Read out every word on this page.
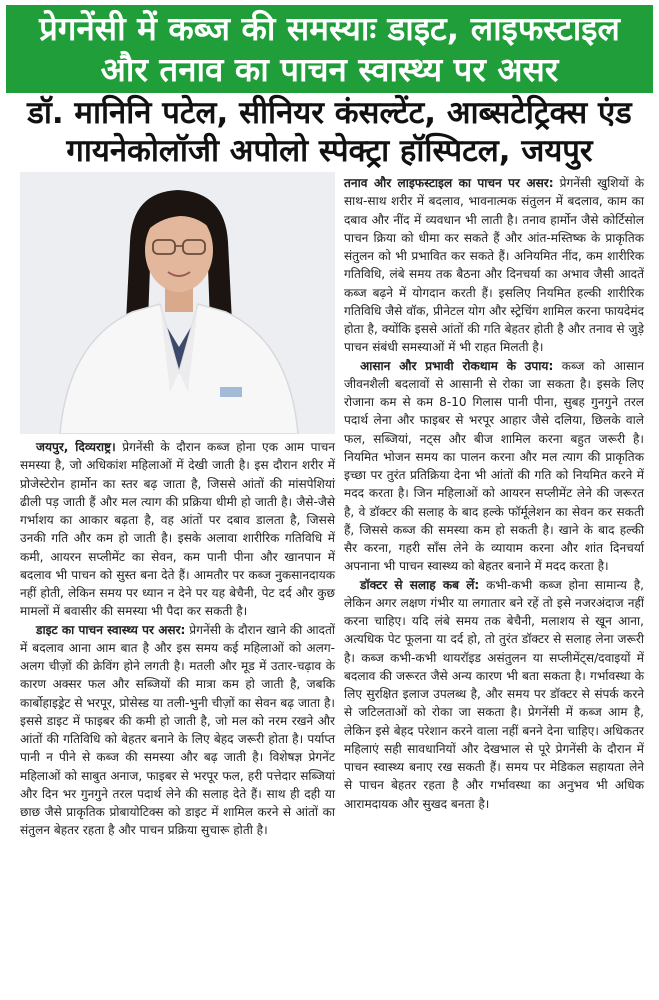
प्रेगनेंसी में कब्ज की समस्याः डाइट, लाइफस्टाइल
और तनाव का पाचन स्वास्थ्य पर असर
डॉ. मानिनि पटेल, सीनियर कंसल्टेंट, आब्सटेट्रिक्स एंड
गायनेकोलॉजी अपोलो स्पेक्ट्रा हॉस्पिटल, जयपुर

जयपुर, दिव्यराष्ट्र। प्रेगनेंसी के दौरान कब्ज होना एक आम पाचन समस्या है, जो अधिकांश महिलाओं में देखी जाती है। इस दौरान शरीर में प्रोजेस्टेरोन हार्मोन का स्तर बढ़ जाता है, जिससे आंतों की मांसपेशियां ढीली पड़ जाती हैं और मल त्याग की प्रक्रिया धीमी हो जाती है। जैसे-जैसे गर्भाशय का आकार बढ़ता है, वह आंतों पर दबाव डालता है, जिससे उनकी गति और कम हो जाती है। इसके अलावा शारीरिक गतिविधि में कमी, आयरन सप्लीमेंट का सेवन, कम पानी पीना और खानपान में बदलाव भी पाचन को सुस्त बना देते हैं। आमतौर पर कब्ज नुकसानदायक नहीं होती, लेकिन समय पर ध्यान न देने पर यह बेचैनी, पेट दर्द और कुछ मामलों में बवासीर की समस्या भी पैदा कर सकती है।

डाइट का पाचन स्वास्थ्य पर असर: प्रेगनेंसी के दौरान खाने की आदतों में बदलाव आना आम बात है और इस समय कई महिलाओं को अलग-अलग चीज़ों की क्रेविंग होने लगती है। मतली और मूड में उतार-चढ़ाव के कारण अक्सर फल और सब्जियों की मात्रा कम हो जाती है, जबकि कार्बोहाइड्रेट से भरपूर, प्रोसेस्ड या तली-भुनी चीज़ों का सेवन बढ़ जाता है। इससे डाइट में फाइबर की कमी हो जाती है, जो मल को नरम रखने और आंतों की गतिविधि को बेहतर बनाने के लिए बेहद जरूरी होता है। पर्याप्त पानी न पीने से कब्ज की समस्या और बढ़ जाती है। विशेषज्ञ प्रेगनेंट महिलाओं को साबुत अनाज, फाइबर से भरपूर फल, हरी पत्तेदार सब्जियां और दिन भर गुनगुने तरल पदार्थ लेने की सलाह देते हैं। साथ ही दही या छाछ जैसे प्राकृतिक प्रोबायोटिक्स को डाइट में शामिल करने से आंतों का संतुलन बेहतर रहता है और पाचन प्रक्रिया सुचारू होती है।

तनाव और लाइफस्टाइल का पाचन पर असर: प्रेगनेंसी खुशियों के साथ-साथ शरीर में बदलाव, भावनात्मक संतुलन में बदलाव, काम का दबाव और नींद में व्यवधान भी लाती है। तनाव हार्मोन जैसे कोर्टिसोल पाचन क्रिया को धीमा कर सकते हैं और आंत-मस्तिष्क के प्राकृतिक संतुलन को भी प्रभावित कर सकते हैं। अनियमित नींद, कम शारीरिक गतिविधि, लंबे समय तक बैठना और दिनचर्या का अभाव जैसी आदतें कब्ज बढ़ने में योगदान करती हैं। इसलिए नियमित हल्की शारीरिक गतिविधि जैसे वॉक, प्रीनेटल योग और स्ट्रेचिंग शामिल करना फायदेमंद होता है, क्योंकि इससे आंतों की गति बेहतर होती है और तनाव से जुड़े पाचन संबंधी समस्याओं में भी राहत मिलती है।

आसान और प्रभावी रोकथाम के उपाय: कब्ज को आसान जीवनशैली बदलावों से आसानी से रोका जा सकता है। इसके लिए रोजाना कम से कम 8-10 गिलास पानी पीना, सुबह गुनगुने तरल पदार्थ लेना और फाइबर से भरपूर आहार जैसे दलिया, छिलके वाले फल, सब्जियां, नट्स और बीज शामिल करना बहुत जरूरी है। नियमित भोजन समय का पालन करना और मल त्याग की प्राकृतिक इच्छा पर तुरंत प्रतिक्रिया देना भी आंतों की गति को नियमित करने में मदद करता है। जिन महिलाओं को आयरन सप्लीमेंट लेने की जरूरत है, वे डॉक्टर की सलाह के बाद हल्के फॉर्मूलेशन का सेवन कर सकती हैं, जिससे कब्ज की समस्या कम हो सकती है। खाने के बाद हल्की सैर करना, गहरी साँस लेने के व्यायाम करना और शांत दिनचर्या अपनाना भी पाचन स्वास्थ्य को बेहतर बनाने में मदद करता है।

डॉक्टर से सलाह कब लें: कभी-कभी कब्ज होना सामान्य है, लेकिन अगर लक्षण गंभीर या लगातार बने रहें तो इसे नजरअंदाज नहीं करना चाहिए। यदि लंबे समय तक बेचैनी, मलाशय से खून आना, अत्यधिक पेट फूलना या दर्द हो, तो तुरंत डॉक्टर से सलाह लेना जरूरी है। कब्ज कभी-कभी थायरॉइड असंतुलन या सप्लीमेंट्स/दवाइयों में बदलाव की जरूरत जैसे अन्य कारण भी बता सकता है। गर्भावस्था के लिए सुरक्षित इलाज उपलब्ध है, और समय पर डॉक्टर से संपर्क करने से जटिलताओं को रोका जा सकता है। प्रेगनेंसी में कब्ज आम है, लेकिन इसे बेहद परेशान करने वाला नहीं बनने देना चाहिए। अधिकतर महिलाएं सही सावधानियों और देखभाल से पूरे प्रेगनेंसी के दौरान में पाचन स्वास्थ्य बनाए रख सकती हैं। समय पर मेडिकल सहायता लेने से पाचन बेहतर रहता है और गर्भावस्था का अनुभव भी अधिक आरामदायक और सुखद बनता है।
